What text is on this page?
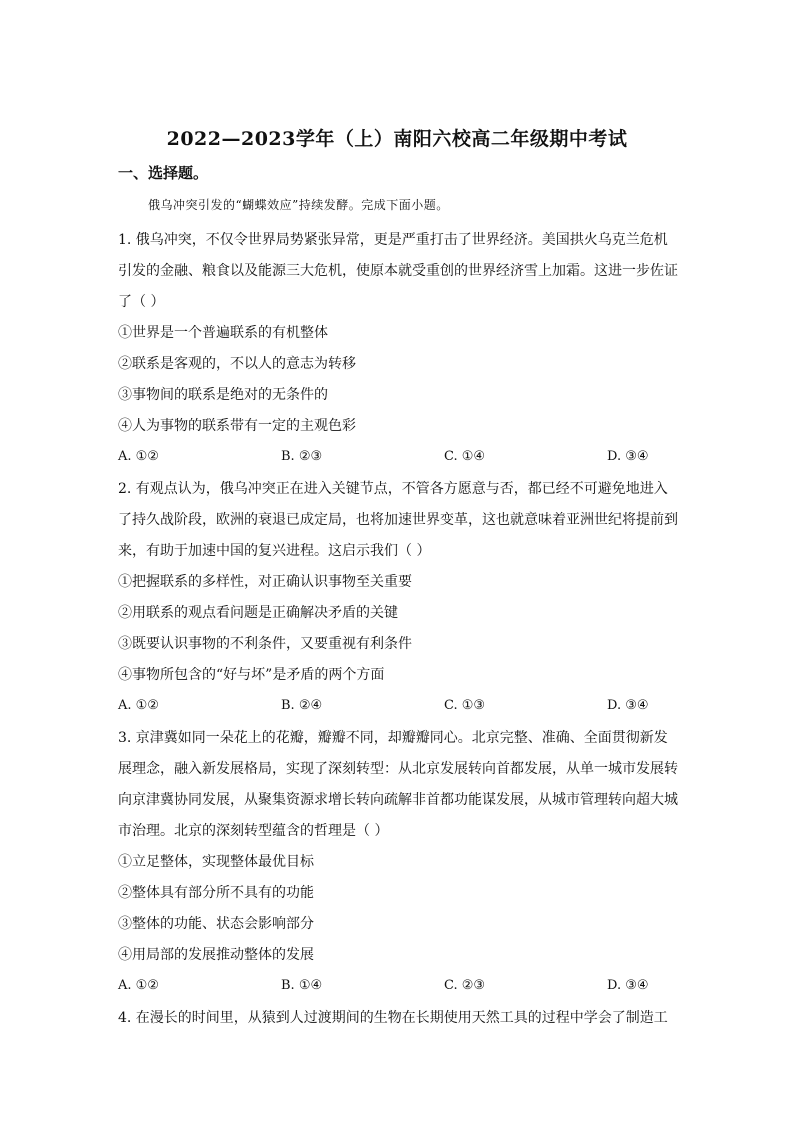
2022—2023学年（上）南阳六校高二年级期中考试
一、选择题。
俄乌冲突引发的“蝴蝶效应”持续发酵。完成下面小题。
1. 俄乌冲突，不仅令世界局势紧张异常，更是严重打击了世界经济。美国拱火乌克兰危机
引发的金融、粮食以及能源三大危机，使原本就受重创的世界经济雪上加霜。这进一步佐证
了（ ）
①世界是一个普遍联系的有机整体
②联系是客观的，不以人的意志为转移
③事物间的联系是绝对的无条件的
④人为事物的联系带有一定的主观色彩
A. ①②	B. ②③	C. ①④	D. ③④
2. 有观点认为，俄乌冲突正在进入关键节点，不管各方愿意与否，都已经不可避免地进入
了持久战阶段，欧洲的衰退已成定局，也将加速世界变革，这也就意味着亚洲世纪将提前到
来，有助于加速中国的复兴进程。这启示我们（ ）
①把握联系的多样性，对正确认识事物至关重要
②用联系的观点看问题是正确解决矛盾的关键
③既要认识事物的不利条件，又要重视有利条件
④事物所包含的“好与坏”是矛盾的两个方面
A. ①②	B. ②④	C. ①③	D. ③④
3. 京津冀如同一朵花上的花瓣，瓣瓣不同，却瓣瓣同心。北京完整、准确、全面贯彻新发
展理念，融入新发展格局，实现了深刻转型：从北京发展转向首都发展，从单一城市发展转
向京津冀协同发展，从聚集资源求增长转向疏解非首都功能谋发展，从城市管理转向超大城
市治理。北京的深刻转型蕴含的哲理是（ ）
①立足整体，实现整体最优目标
②整体具有部分所不具有的功能
③整体的功能、状态会影响部分
④用局部的发展推动整体的发展
A. ①②	B. ①④	C. ②③	D. ③④
4. 在漫长的时间里，从猿到人过渡期间的生物在长期使用天然工具的过程中学会了制造工
